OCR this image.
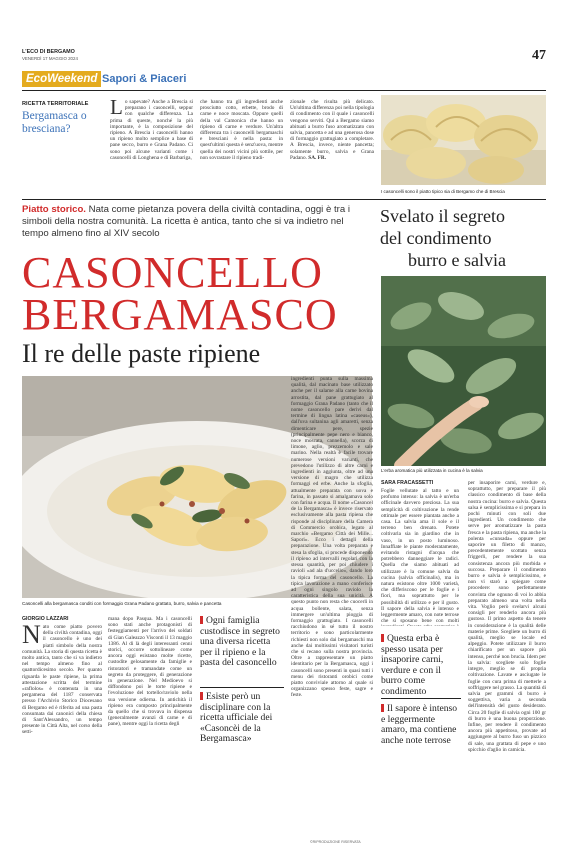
L'ECO DI BERGAMO
VENERDÌ 17 MAGGIO 2024	47
EcoWeekend Sapori & Piaceri
RICETTA TERRITORIALE
Bergamasca o bresciana?
Lo sapevate? Anche a Brescia si preparano i casoncelli, seppur con qualche differenza. La prima di queste, nonché la più importante, è la composizione del ripieno. A Brescia i casoncelli hanno un ripieno molto semplice a base di pane secco, burro e Grana Padano. Ci sono poi alcune varianti come i casoncelli di Longhena e di Barbariga,
che hanno tra gli ingredienti anche prosciutto cotto, erbette, brodo di carne e noce moscata. Oppure quelli della val Camonica che hanno un ripieno di carne e verdure. Un'altra differenza tra i casoncelli bergamaschi e bresciani è nella pasta: in quest'ultimi questa è senz'uova, mentre quella dei nostri vicini più sottile, per non sovrastare il ripieno tradi-
zionale che risulta più delicato. Un'ultima differenza poi nella tipologia di condimento con il quale i casoncelli vengono serviti. Qui a Bergamo siamo abituati a burro fuso aromatizzato con salvia, pancetta e ad una generosa dose di formaggio grattugiato a completare. A Brescia, invece, niente pancetta; solamente burro, salvia e Grana Padano. SA. FR.
I casoncelli sono il piatto tipico sia di Bergamo che di Brescia
Piatto storico. Nata come pietanza povera della civiltà contadina, oggi è tra i simboli della nostra comunità. La ricetta è antica, tanto che si va indietro nel tempo almeno fino al XIV secolo
CASONCELLO
BERGAMASCO
Il re delle paste ripiene
Svelato il segreto
del condimento
burro e salvia
L'erba aromatica più utilizzata in cucina è la salvia
Casoncelli alla bergamasca conditi con formaggio Grana Padano grattato, burro, salvia e pancetta
GIORGIO LAZZARI
Nato come piatto povero della civiltà contadina, oggi il casoncello è uno dei piatti simbolo della nostra comunità. La storia di questa ricetta è molto antica, tanto che si va indietro nel tempo almeno fino al quattordicesimo secolo. Per quanto riguarda le paste ripiene, la prima attestazione scritta del termine «raflolos» è contenuta in una pergamena del 1187 conservata presso l'Archivio Storico Diocesano di Bergamo ed è riferita ad una pasta consumata dai canonici della chiesa di Sant'Alessandro, un tempo presente in Città Alta, nel corso della setti-
mana dopo Pasqua. Ma i casoncelli sono stati anche protagonisti di festeggiamenti per l'arrivo dei soldati di Gian Galeazzo Visconti il 13 maggio 1386. Al di là degli interessanti cenni storici, occorre sottolineare come ancora oggi esistano molte ricette, custodite gelosamente da famiglie e ristoratori e tramandate come un segreto da proteggere, di generazione in generazione. Nel Medioevo si diffondono poi le torte ripiene e l'evoluzione del tortello/raviolo nella sua versione odierna. In antichità il ripieno era composto principalmente da quello che si trovava in dispensa (generalmente avanzi di carne e di pane), mentre oggi la ricetta degli
Ogni famiglia custodisce in segreto una diversa ricetta per il ripieno e la pasta del casoncello
Esiste però un disciplinare con la ricetta ufficiale dei «Casoncèi de la Bergamasca»
ingredienti punta sulla massima qualità, dal macinato base utilizzato anche per il salame alla carne bovina arrostita, dal pane grattugiato al formaggio Grana Padano (tanto che il nome casoncello pare derivi dal termine di lingua latina «caseus»), dall'uva sultanina agli amaretti, senza dimenticare pere, spezie (principalmente pepe nero e bianco, noce moscata, cannella), scorza di limone, aglio, prezzemolo e sale marino. Nella realtà è facile trovare numerose versioni varianti, che prevedono l'utilizzo di altre carni e ingredienti in aggiunta, oltre ad una versione di magro che utilizza formaggi ed erbe. Anche la sfoglia, attualmente preparata con uova e farina, in passato si amalgamava solo con farina e acqua. Il nome «Casoncel de la Bergamasca» è invece riservato esclusivamente alla pasta ripiena che risponde al disciplinare della Camera di Commercio orobica, legato al marchio «Bergamo Città dei Mille... Sapori». Ecco i dettagli della preparazione. Una volta preparata e stesa la sfoglia, si procede disponendo il ripieno ad intervalli regolari con la stessa quantità, per poi chiudere i ravioli «ad ala d'uccello», dando loro la tipica forma del casoncello. La tipica lavorazione a mano conferisce ad ogni singolo raviolo la caratteristica della sua unicità. A questo punto non resta che cuocerli in acqua bollente, salata, senza immergere un'ultima pioggia di formaggio grattugiato. I casoncelli racchiudono in sé tutto il nostro territorio e sono particolarmente richiesti non solo dai bergamaschi ma anche dai moltissimi visitatori turisti che si recano sulla nostra provincia. Oltre a rappresentare un piatto identitario per la Bergamasca, oggi i casoncelli sono presenti in quasi tutti i menu dei ristoranti orobici come piatto conviviale attorno al quale si organizzano spesso feste, sagre e feste.
©RIPRODUZIONE RISERVATA
SARA FRACASSETTI
Foglie vellutate al tatto e un profumo intenso: la salvia è un'erba officinale davvero preziosa. La sua semplicità di coltivazione la rende ottimale per essere piantata anche a casa. La salvia ama il sole e il terreno ben drenato. Potete coltivarla sia in giardino che in vaso, in un posto luminoso. Innaffiate le piante moderatamente, evitando ristagni d'acqua che potrebbero danneggiare le radici. Quella che siamo abituati ad utilizzare è la comune salvia da cucina (salvia officinalis), ma in natura esistono oltre 1000 varietà, che differiscono per le foglie e i fiori, ma soprattutto per le possibilità di utilizzo e per il gusto. Il sapore della salvia è intenso e leggermente amaro, con note terrose che si sposano bene con molti
Questa erba è spesso usata per insaporire carni, verdure e con il burro come condimento
Il sapore è intenso e leggermente amaro, ma contiene anche note terrose
per insaporire carni, verdure e, soprattutto, per preparare il più classico condimento di base della nostra cucina: burro e salvia. Questa salsa è semplicissima e si prepara in pochi minuti con soli due ingredienti. Un condimento che serve per aromatizzare la pasta fresca e la pasta ripiena, ma anche la polenta «cunsada» oppure per saporire un filetto di manzo, precedentemente scottato senza friggerli, per rendere la sua consistenza ancora più morbida e succosa. Preparare il condimento burro e salvia è semplicissimo, e non vi starò a spiegare come procedere: sono perfettamente convinta che ognuno di voi lo abbia preparato almeno una volta nella vita. Voglio però svelarvi alcuni consigli per renderlo ancora più gustoso. Il primo aspetto da tenere in considerazione è la qualità delle materie prime. Scegliete un burro di qualità, meglio se locale ed alpeggio. Potete utilizzare il burro chiarificato per un sapore più intenso, perché non brucia. Idem per la salvia: scegliete solo foglie integre, meglio se di propria coltivazione. Lavate e asciugate le foglie con cura prima di metterle a soffriggere nel grasso. La quantità di salvia per grammi di burro è soggettiva, varia a seconda dell'intensità del gusto desiderato. Circa 20 foglie di salvia ogni 100 gr di burro è una buona proporzione. Infine, per rendere il condimento ancora più appetitoso, provate ad aggiungere al burro fuso un pizzico di sale, una grattata di pepe e uno spicchio d'aglio in camicia.
